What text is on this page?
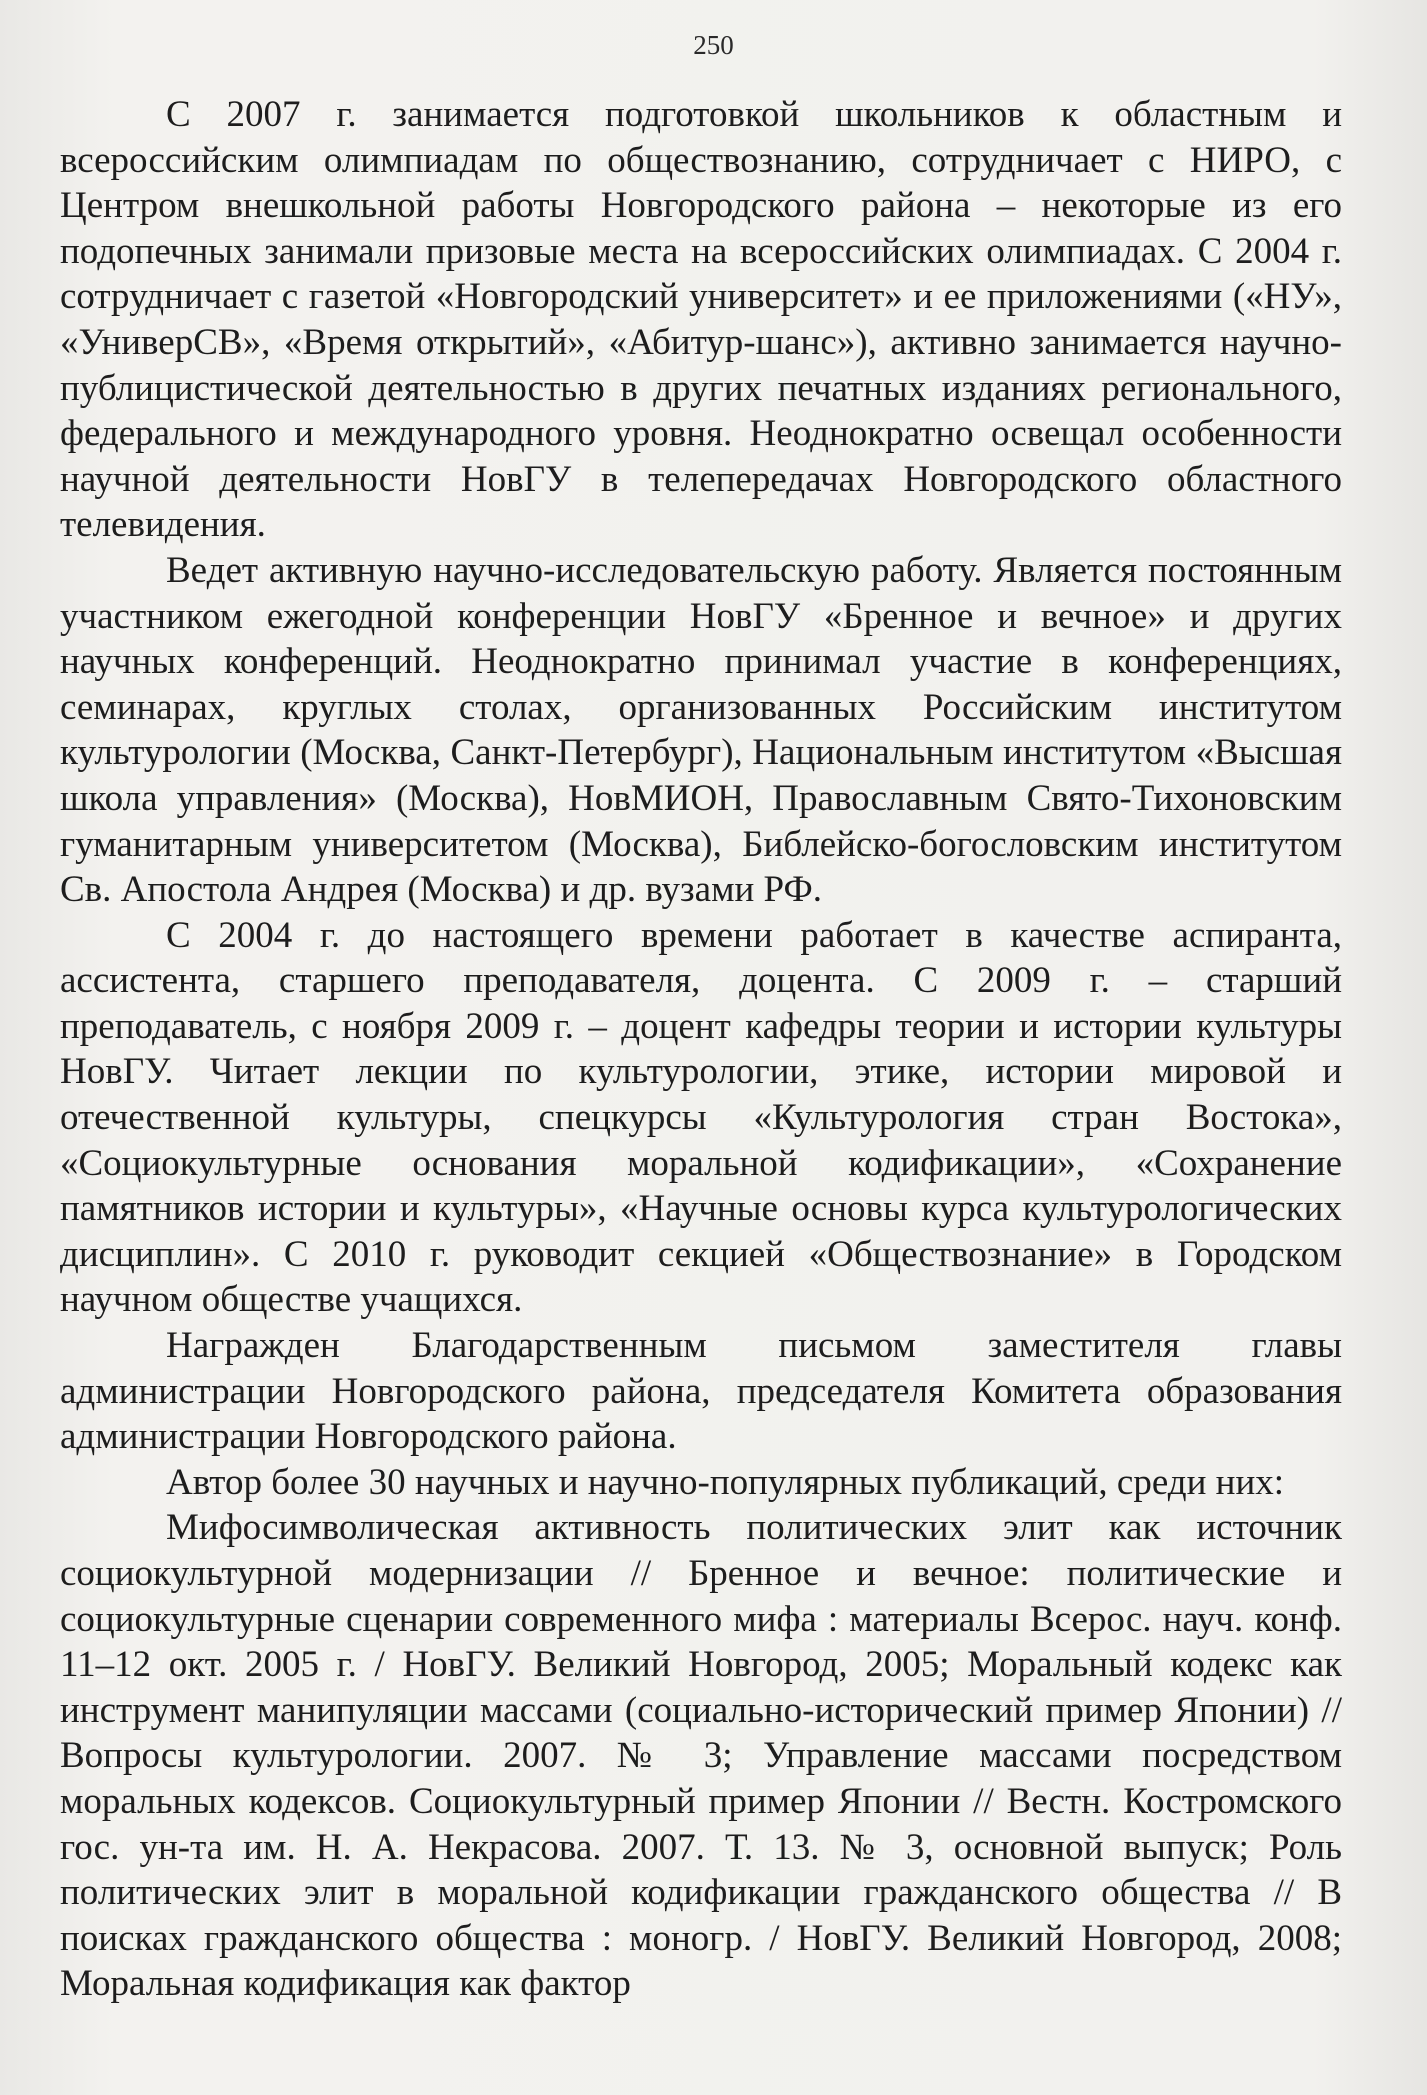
250

С 2007 г. занимается подготовкой школьников к областным и всероссийским олимпиадам по обществознанию, сотрудничает с НИРО, с Центром внешкольной работы Новгородского района – некоторые из его подопечных занимали призовые места на всероссийских олимпиадах. С 2004 г. сотрудничает с газетой «Новгородский университет» и ее приложениями («НУ», «УниверСВ», «Время открытий», «Абитур-шанс»), активно занимается научно-публицистической деятельностью в других печатных изданиях регионального, федерального и международного уровня. Неоднократно освещал особенности научной деятельности НовГУ в телепередачах Новгородского областного телевидения.

Ведет активную научно-исследовательскую работу. Является постоянным участником ежегодной конференции НовГУ «Бренное и вечное» и других научных конференций. Неоднократно принимал участие в конференциях, семинарах, круглых столах, организованных Российским институтом культурологии (Москва, Санкт-Петербург), Национальным институтом «Высшая школа управления» (Москва), НовМИОН, Православным Свято-Тихоновским гуманитарным университетом (Москва), Библейско-богословским институтом Св. Апостола Андрея (Москва) и др. вузами РФ.

С 2004 г. до настоящего времени работает в качестве аспиранта, ассистента, старшего преподавателя, доцента. С 2009 г. – старший преподаватель, с ноября 2009 г. – доцент кафедры теории и истории культуры НовГУ. Читает лекции по культурологии, этике, истории мировой и отечественной культуры, спецкурсы «Культурология стран Востока», «Социокультурные основания моральной кодификации», «Сохранение памятников истории и культуры», «Научные основы курса культурологических дисциплин». С 2010 г. руководит секцией «Обществознание» в Городском научном обществе учащихся.

Награжден Благодарственным письмом заместителя главы администрации Новгородского района, председателя Комитета образования администрации Новгородского района.

Автор более 30 научных и научно-популярных публикаций, среди них:

Мифосимволическая активность политических элит как источник социокультурной модернизации // Бренное и вечное: политические и социокультурные сценарии современного мифа : материалы Всерос. науч. конф. 11–12 окт. 2005 г. / НовГУ. Великий Новгород, 2005; Моральный кодекс как инструмент манипуляции массами (социально-исторический пример Японии) // Вопросы культурологии. 2007. № 3; Управление массами посредством моральных кодексов. Социокультурный пример Японии // Вестн. Костромского гос. ун-та им. Н. А. Некрасова. 2007. Т. 13. № 3, основной выпуск; Роль политических элит в моральной кодификации гражданского общества // В поисках гражданского общества : моногр. / НовГУ. Великий Новгород, 2008; Моральная кодификация как фактор
